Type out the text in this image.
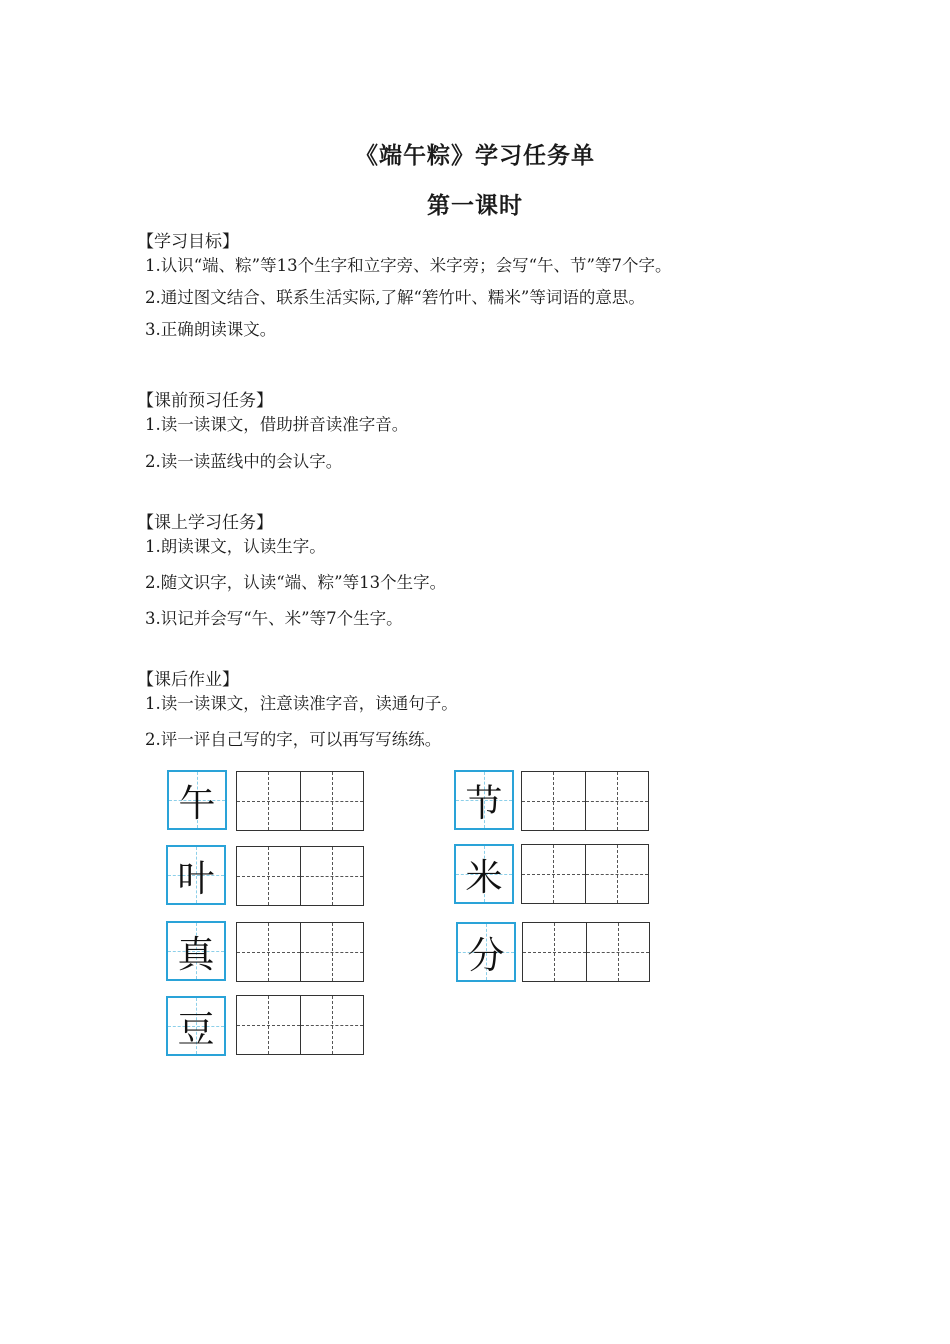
《端午粽》学习任务单
第一课时
【学习目标】
1.认识“端、粽”等13个生字和立字旁、米字旁；会写“午、节”等7个字。
2.通过图文结合、联系生活实际,了解“箬竹叶、糯米”等词语的意思。
3.正确朗读课文。
【课前预习任务】
1.读一读课文，借助拼音读准字音。
2.读一读蓝线中的会认字。
【课上学习任务】
1.朗读课文，认读生字。
2.随文识字，认读“端、粽”等13个生字。
3.识记并会写“午、米”等7个生字。
【课后作业】
1.读一读课文，注意读准字音，读通句子。
2.评一评自己写的字，可以再写写练练。
午	节
叶	米
真	分
豆
